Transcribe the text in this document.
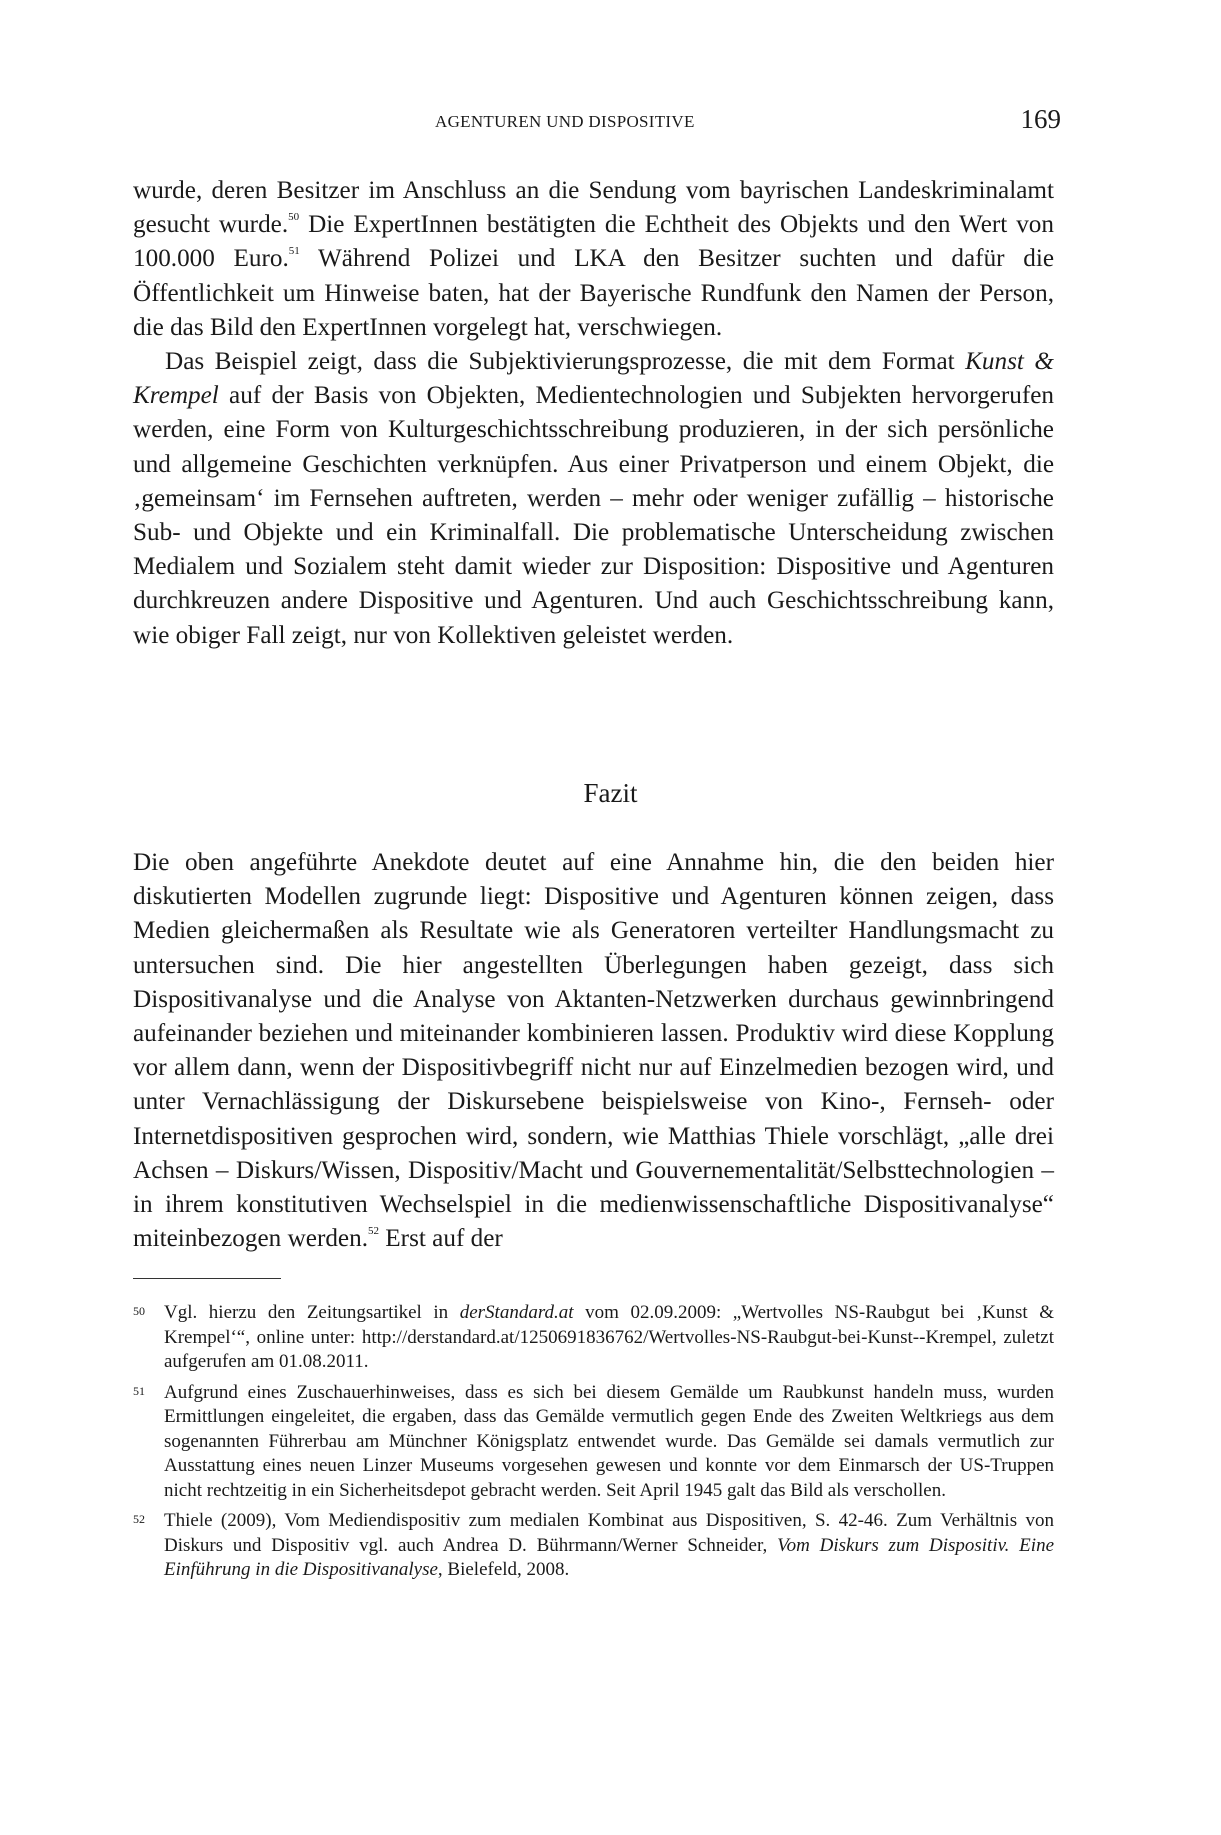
AGENTUREN UND DISPOSITIVE	169

wurde, deren Besitzer im Anschluss an die Sendung vom bayrischen Landeskriminalamt gesucht wurde.$^{50}$ Die ExpertInnen bestätigten die Echtheit des Objekts und den Wert von 100.000 Euro.$^{51}$ Während Polizei und LKA den Besitzer suchten und dafür die Öffentlichkeit um Hinweise baten, hat der Bayerische Rundfunk den Namen der Person, die das Bild den ExpertInnen vorgelegt hat, verschwiegen.

Das Beispiel zeigt, dass die Subjektivierungsprozesse, die mit dem Format Kunst & Krempel auf der Basis von Objekten, Medientechnologien und Subjekten hervorgerufen werden, eine Form von Kulturgeschichtsschreibung produzieren, in der sich persönliche und allgemeine Geschichten verknüpfen. Aus einer Privatperson und einem Objekt, die ‚gemeinsam‘ im Fernsehen auftreten, werden – mehr oder weniger zufällig – historische Sub- und Objekte und ein Kriminalfall. Die problematische Unterscheidung zwischen Medialem und Sozialem steht damit wieder zur Disposition: Dispositive und Agenturen durchkreuzen andere Dispositive und Agenturen. Und auch Geschichtsschreibung kann, wie obiger Fall zeigt, nur von Kollektiven geleistet werden.

Fazit

Die oben angeführte Anekdote deutet auf eine Annahme hin, die den beiden hier diskutierten Modellen zugrunde liegt: Dispositive und Agenturen können zeigen, dass Medien gleichermaßen als Resultate wie als Generatoren verteilter Handlungsmacht zu untersuchen sind. Die hier angestellten Überlegungen haben gezeigt, dass sich Dispositivanalyse und die Analyse von Aktanten-Netzwerken durchaus gewinnbringend aufeinander beziehen und miteinander kombinieren lassen. Produktiv wird diese Kopplung vor allem dann, wenn der Dispositivbegriff nicht nur auf Einzelmedien bezogen wird, und unter Vernachlässigung der Diskursebene beispielsweise von Kino-, Fernseh- oder Internetdispositiven gesprochen wird, sondern, wie Matthias Thiele vorschlägt, „alle drei Achsen – Diskurs/Wissen, Dispositiv/Macht und Gouvernementalität/Selbsttechnologien – in ihrem konstitutiven Wechselspiel in die medienwissenschaftliche Dispositivanalyse“ miteinbezogen werden.$^{52}$ Erst auf der

50 Vgl. hierzu den Zeitungsartikel in derStandard.at vom 02.09.2009: „Wertvolles NS-Raubgut bei ‚Kunst & Krempel‘“, online unter: http://derstandard.at/1250691836762/Wertvolles-NS-Raubgut-bei-Kunst--Krempel, zuletzt aufgerufen am 01.08.2011.
51 Aufgrund eines Zuschauerhinweises, dass es sich bei diesem Gemälde um Raubkunst handeln muss, wurden Ermittlungen eingeleitet, die ergaben, dass das Gemälde vermutlich gegen Ende des Zweiten Weltkriegs aus dem sogenannten Führerbau am Münchner Königsplatz entwendet wurde. Das Gemälde sei damals vermutlich zur Ausstattung eines neuen Linzer Museums vorgesehen gewesen und konnte vor dem Einmarsch der US-Truppen nicht rechtzeitig in ein Sicherheitsdepot gebracht werden. Seit April 1945 galt das Bild als verschollen.
52 Thiele (2009), Vom Mediendispositiv zum medialen Kombinat aus Dispositiven, S. 42-46. Zum Verhältnis von Diskurs und Dispositiv vgl. auch Andrea D. Bührmann/Werner Schneider, Vom Diskurs zum Dispositiv. Eine Einführung in die Dispositivanalyse, Bielefeld, 2008.
